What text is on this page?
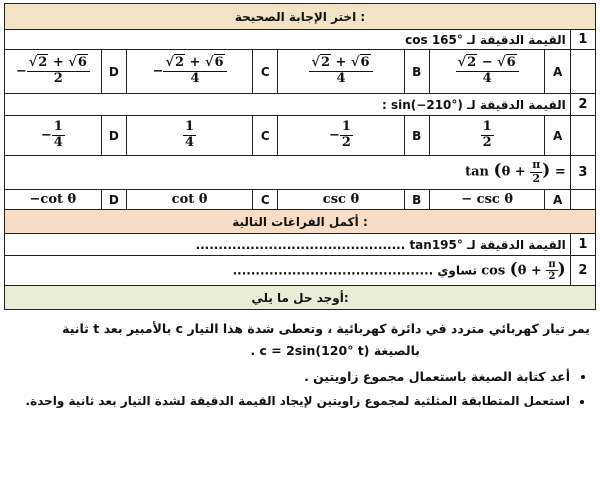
اختر الإجابة الصحيحة :								
القيمة الدقيقة لـ cos 165°								1
− $\frac{√2 + √6}{2}$	D	− $\frac{√2 + √6}{4}$	C	$\frac{√2 + √6}{4}$	B	$\frac{√2 - √6}{4}$	A	
القيمة الدقيقة لـ sin(−210°) :								2
− $\frac{1}{4}$	D	$\frac{1}{4}$	C	− $\frac{1}{2}$	B	$\frac{1}{2}$	A	
$\tan (\theta + \frac{\pi}{2}$ ) =								3
−cot θ	D	cot θ	C	csc θ	B	− csc θ	A	
أكمل الفراغات التالية :								
القيمة الدقيقة لـ tan195° ..............................................								1
$\cos (\theta + \frac{\pi}{2}$ ) تساوي ............................................								2
أوجد حل ما يلي:								

يمر تيار كهربائي متردد في دائرة كهربائية ، وتعطى شدة هذا التيار c بالأمبير بعد t ثانية

بالصيغة c = 2sin(120° t) .

• أعد كتابة الصيغة باستعمال مجموع زاويتين .
• استعمل المتطابقة المثلثية لمجموع زاويتين لإيجاد القيمة الدقيقة لشدة التيار بعد ثانية واحدة.
